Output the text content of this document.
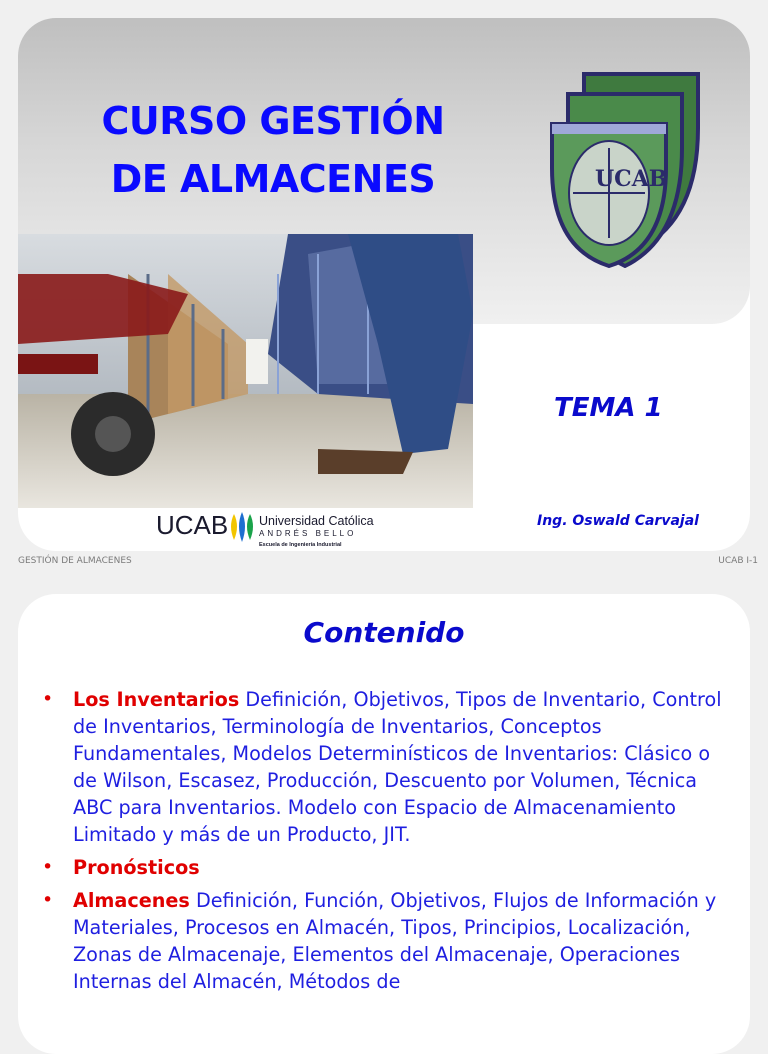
CURSO GESTIÓN
DE ALMACENES	UCAB
TEMA 1
Ing. Oswald Carvajal
UCAB Universidad Católica
ANDRÉS BELLO
Escuela de Ingeniería Industrial
GESTIÓN DE ALMACENES	UCAB I-1
Contenido
• Los Inventarios Definición, Objetivos, Tipos de Inventario, Control de Inventarios, Terminología de Inventarios, Conceptos Fundamentales, Modelos Determinísticos de Inventarios: Clásico o de Wilson, Escasez, Producción, Descuento por Volumen, Técnica ABC para Inventarios. Modelo con Espacio de Almacenamiento Limitado y más de un Producto, JIT.
• Pronósticos
• Almacenes Definición, Función, Objetivos, Flujos de Información y Materiales, Procesos en Almacén, Tipos, Principios, Localización, Zonas de Almacenaje, Elementos del Almacenaje, Operaciones Internas del Almacén, Métodos de
